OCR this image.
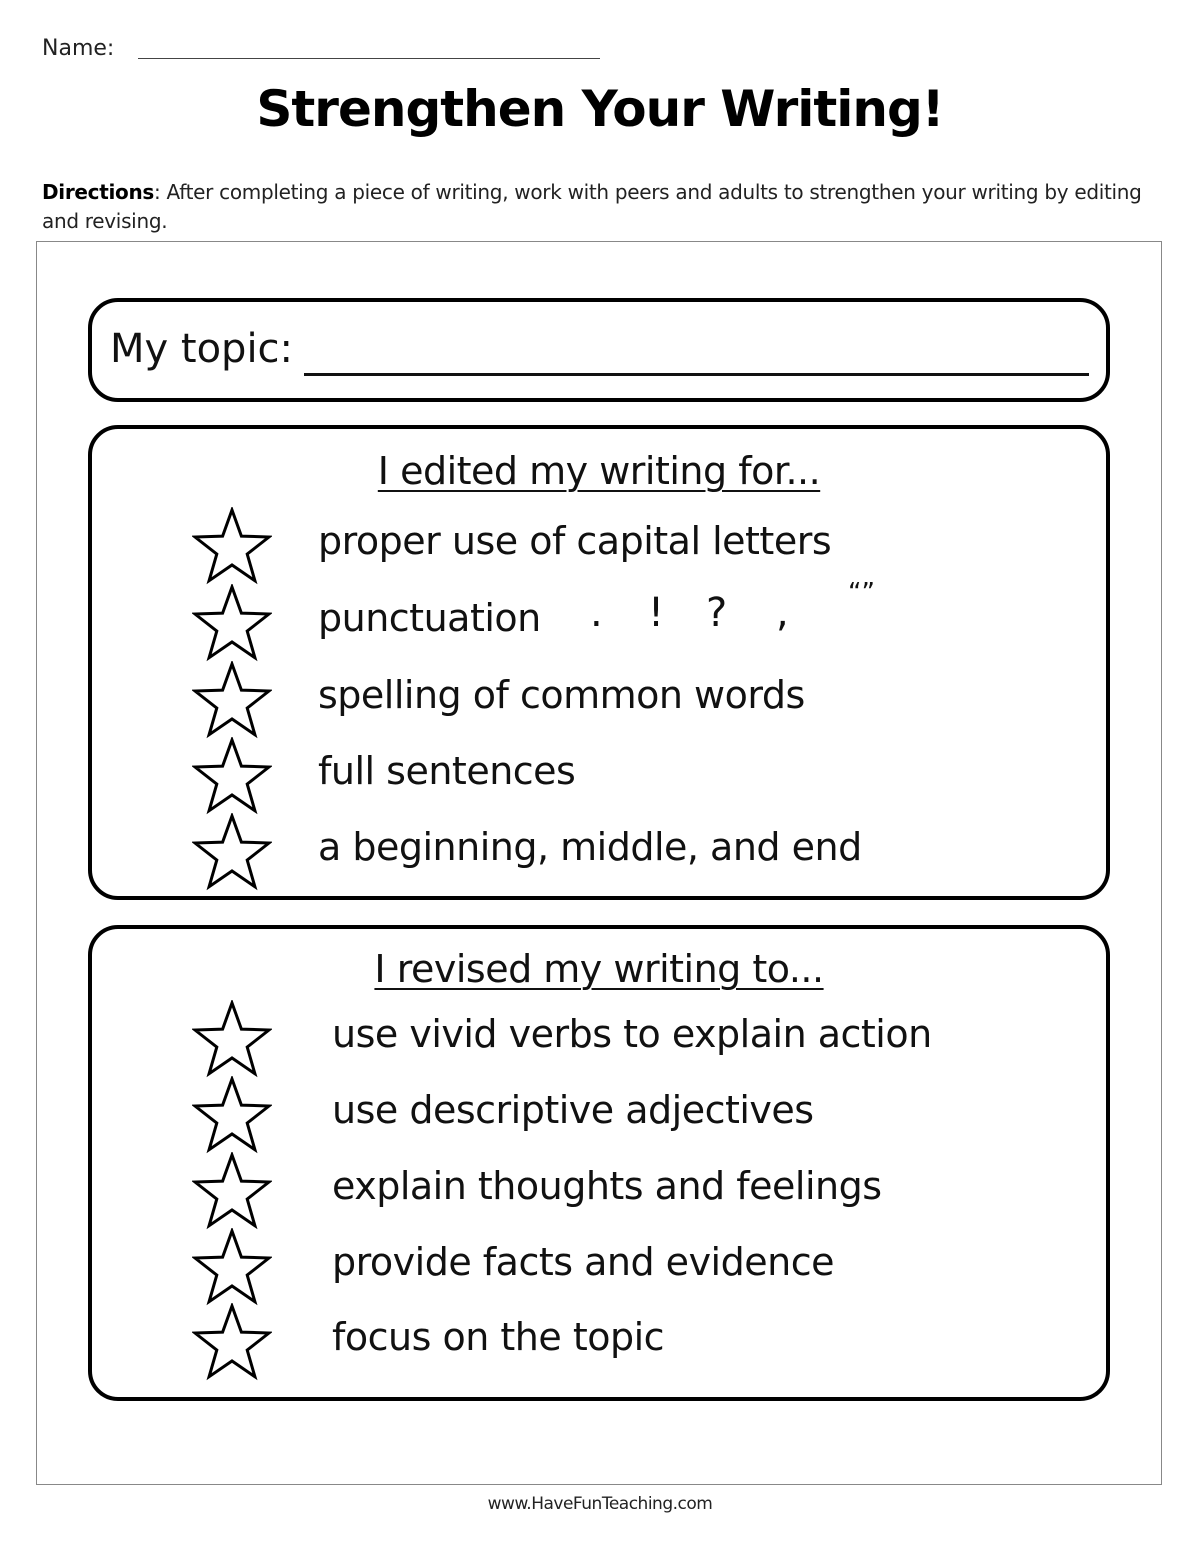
Name:
Strengthen Your Writing!
Directions: After completing a piece of writing, work with peers and adults to strengthen your writing by editing and revising.
My topic:
I edited my writing for...
proper use of capital letters
punctuation . ! ? , “”
spelling of common words
full sentences
a beginning, middle, and end
I revised my writing to...
use vivid verbs to explain action
use descriptive adjectives
explain thoughts and feelings
provide facts and evidence
focus on the topic
www.HaveFunTeaching.com
